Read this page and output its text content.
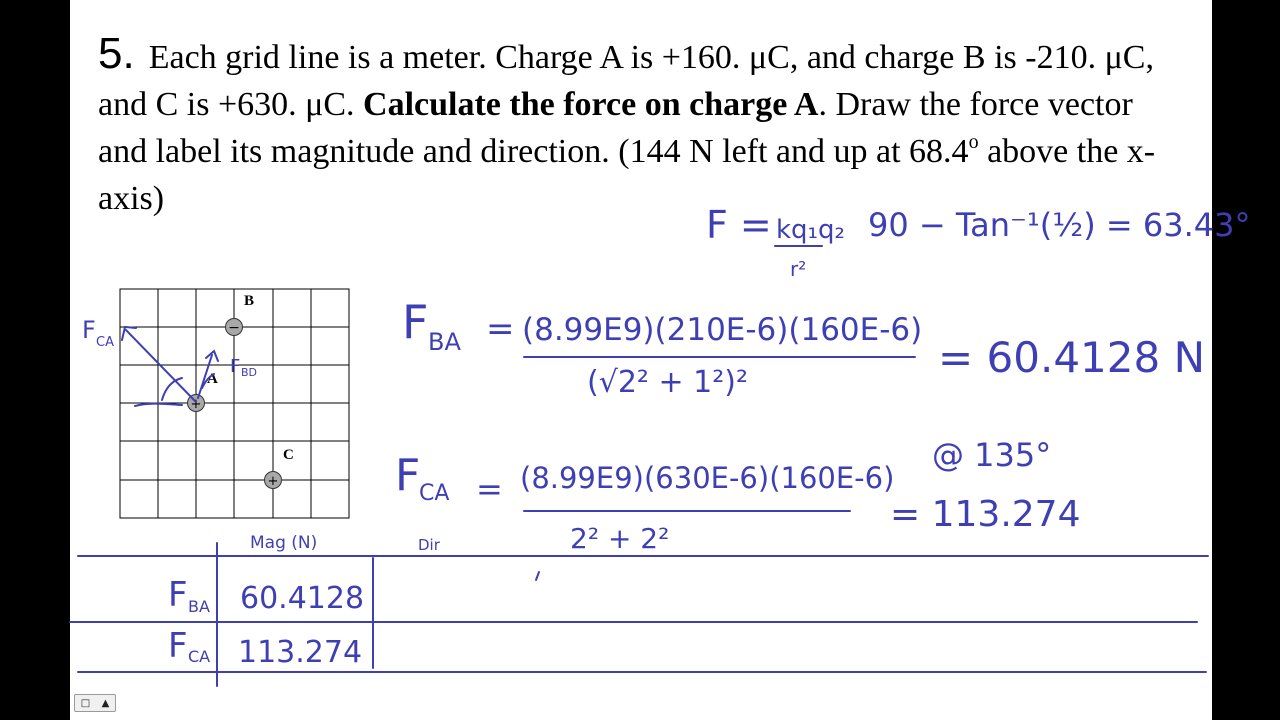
5. Each grid line is a meter. Charge A is +160. μC, and charge B is -210. μC, and C is +630. μC. Calculate the force on charge A. Draw the force vector and label its magnitude and direction. (144 N left and up at 68.4$^o$ above the x-axis)
−
B
+
A
+
C
F CA
F BD
F = kq₁q₂
r²
90 − Tan⁻¹(½) = 63.43°
F BA = (8.99E9)(210E-6)(160E-6)
(√2² + 1²)²
= 60.4128 N
F
CA = (8.99E9)(630E-6)(160E-6)
2² + 2²
@ 135°
= 113.274
Mag (N)	Dir
F BA 60.4128
F CA 113.274
□ ▲
